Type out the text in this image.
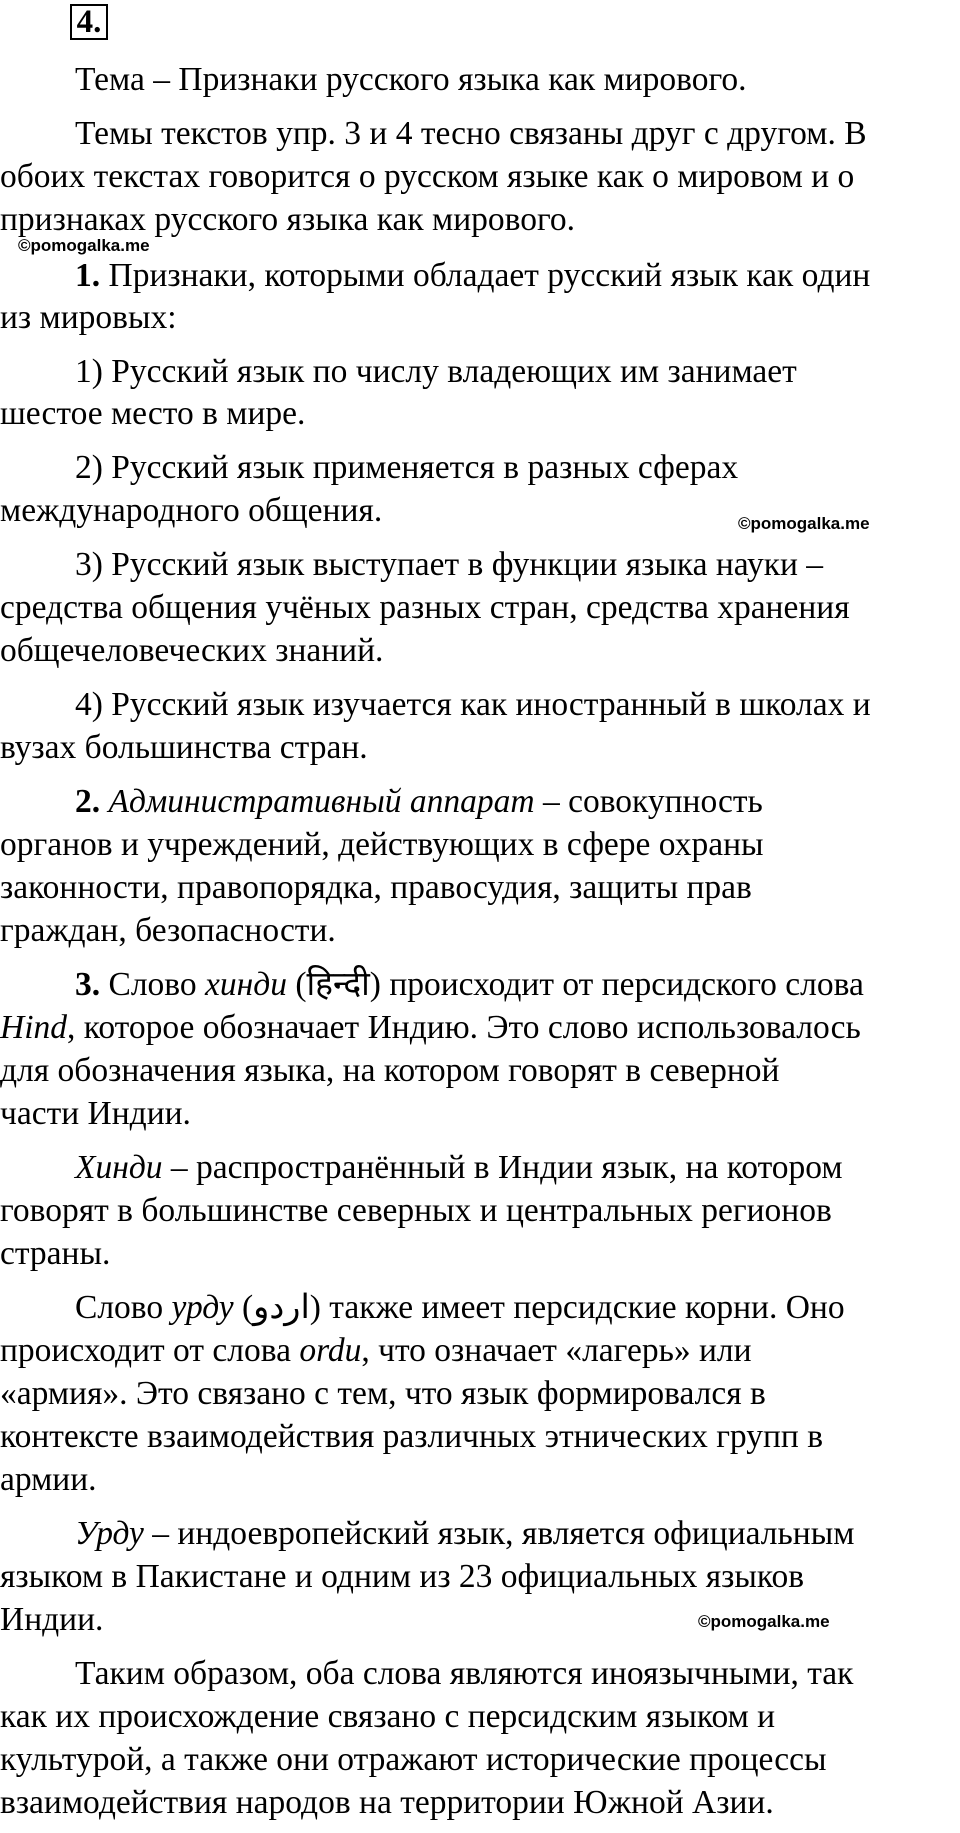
4.
Тема – Признаки русского языка как мирового.
Темы текстов упр. 3 и 4 тесно связаны друг с другом. В
обоих текстах говорится о русском языке как о мировом и о
признаках русского языка как мирового.
©pomogalka.me
1. Признаки, которыми обладает русский язык как один
из мировых:
1) Русский язык по числу владеющих им занимает
шестое место в мире.
2) Русский язык применяется в разных сферах
международного общения.	©pomogalka.me
3) Русский язык выступает в функции языка науки –
средства общения учёных разных стран, средства хранения
общечеловеческих знаний.
4) Русский язык изучается как иностранный в школах и
вузах большинства стран.
2. Административный аппарат – совокупность
органов и учреждений, действующих в сфере охраны
законности, правопорядка, правосудия, защиты прав
граждан, безопасности.
3. Слово хинди (हिन्दी) происходит от персидского слова
Hind, которое обозначает Индию. Это слово использовалось
для обозначения языка, на котором говорят в северной
части Индии.
Хинди – распространённый в Индии язык, на котором
говорят в большинстве северных и центральных регионов
страны.
Слово урду (اردو) также имеет персидские корни. Оно
происходит от слова ordu, что означает «лагерь» или
«армия». Это связано с тем, что язык формировался в
контексте взаимодействия различных этнических групп в
армии.
Урду – индоевропейский язык, является официальным
языком в Пакистане и одним из 23 официальных языков
Индии.	©pomogalka.me
Таким образом, оба слова являются иноязычными, так
как их происхождение связано с персидским языком и
культурой, а также они отражают исторические процессы
взаимодействия народов на территории Южной Азии.
